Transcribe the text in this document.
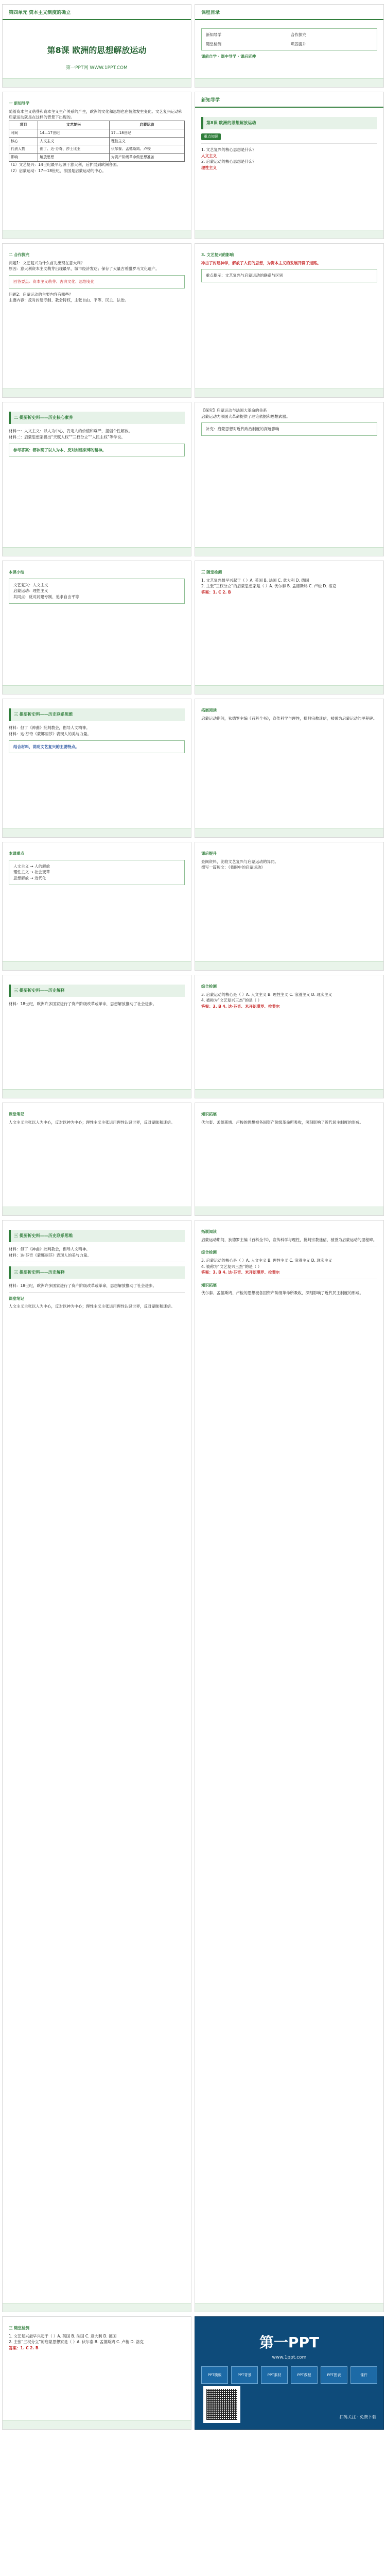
第四单元 资本主义制度的确立
第8课 欧洲的思想解放运动
第一PPT网 WWW.1PPT.COM
课程目录
新知导学	合作探究
随堂检测	巩固提升
课前自学 · 课中导学 · 课后延伸
一 新知导学
随着资本主义萌芽和资本主义生产关系的产生，欧洲的文化和思想也在悄然发生变化。文艺复兴运动和启蒙运动就是在这样的背景下出现的。
项目	文艺复兴	启蒙运动
时间	14—17世纪	17—18世纪
核心	人文主义	理性主义
代表人物	但丁、达·芬奇、莎士比亚	伏尔泰、孟德斯鸠、卢梭
影响	解放思想	为资产阶级革命做思想准备
（1）文艺复兴：14世纪最早起源于意大利，后扩展到欧洲各国。
（2）启蒙运动：17—18世纪，法国是启蒙运动的中心。
新知导学
第8课 欧洲的思想解放运动
重点知识
1. 文艺复兴的核心思想是什么？
人文主义
2. 启蒙运动的核心思想是什么？
理性主义
二 合作探究
问题1：文艺复兴为什么首先出现在意大利？
原因：意大利资本主义萌芽出现最早，城市经济发达；保存了大量古希腊罗马文化遗产。
回答要点：资本主义萌芽、古典文化、思想变化
问题2：启蒙运动的主要内容有哪些？
主要内容：反对封建专制、教会特权，主张自由、平等、民主、法治。
3. 文艺复兴的影响
冲击了封建神学，解放了人们的思想，为资本主义的发展开辟了道路。
重点提示：文艺复兴与启蒙运动的联系与区别
二 提要折史料——历史核心素养
材料一：人文主义：以人为中心，肯定人的价值和尊严，提倡个性解放。
材料二：启蒙思想家提出“天赋人权”“三权分立”“人民主权”等学说。
参考答案：都体现了以人为本、反对封建束缚的精神。
【探究】启蒙运动与法国大革命的关系
启蒙运动为法国大革命提供了理论依据和思想武器。
补充：启蒙思想对近代政治制度的深远影响
本课小结
文艺复兴：人文主义
启蒙运动：理性主义
共同点：反对封建专制、追求自由平等
三 随堂检测
1. 文艺复兴最早兴起于（ ）A. 英国 B. 法国 C. 意大利 D. 德国
2. 主张“三权分立”的启蒙思想家是（ ）A. 伏尔泰 B. 孟德斯鸠 C. 卢梭 D. 洛克
答案：1. C 2. B
三 提要折史料——历史联系思维
材料：但丁《神曲》批判教会，倡导人文精神。
材料：达·芬奇《蒙娜丽莎》表现人的美与力量。
结合材料，说明文艺复兴的主要特点。
拓展阅读
启蒙运动期间，狄德罗主编《百科全书》，宣传科学与理性，批判宗教迷信，被誉为启蒙运动的里程碑。
本课重点
人文主义 → 人的解放
理性主义 → 社会变革
思想解放 → 近代化
课后提升
查阅资料，比较文艺复兴与启蒙运动的异同。
撰写一篇短文：《我眼中的启蒙运动》
三 提要折史料——历史解释
材料：18世纪，欧洲许多国家进行了资产阶级改革或革命，思想解放推动了社会进步。
综合检测
3. 启蒙运动的核心是（ ）A. 人文主义 B. 理性主义 C. 浪漫主义 D. 现实主义
4. 被称为“文艺复兴三杰”的是（ ）
答案：3. B 4. 达·芬奇、米开朗琪罗、拉斐尔
课堂笔记
人文主义主张以人为中心，反对以神为中心；理性主义主张运用理性认识世界，反对蒙昧和迷信。
知识拓展
伏尔泰、孟德斯鸠、卢梭的思想被各国资产阶级革命所吸收，深刻影响了近代民主制度的形成。
三 提要折史料——历史联系思维
材料：但丁《神曲》批判教会，倡导人文精神。
材料：达·芬奇《蒙娜丽莎》表现人的美与力量。
三 提要折史料——历史解释
材料：18世纪，欧洲许多国家进行了资产阶级改革或革命，思想解放推动了社会进步。
课堂笔记
人文主义主张以人为中心，反对以神为中心；理性主义主张运用理性认识世界，反对蒙昧和迷信。
拓展阅读
启蒙运动期间，狄德罗主编《百科全书》，宣传科学与理性，批判宗教迷信，被誉为启蒙运动的里程碑。
综合检测
3. 启蒙运动的核心是（ ）A. 人文主义 B. 理性主义 C. 浪漫主义 D. 现实主义
4. 被称为“文艺复兴三杰”的是（ ）
答案：3. B 4. 达·芬奇、米开朗琪罗、拉斐尔
知识拓展
伏尔泰、孟德斯鸠、卢梭的思想被各国资产阶级革命所吸收，深刻影响了近代民主制度的形成。
三 随堂检测
1. 文艺复兴最早兴起于（ ）A. 英国 B. 法国 C. 意大利 D. 德国
2. 主张“三权分立”的启蒙思想家是（ ）A. 伏尔泰 B. 孟德斯鸠 C. 卢梭 D. 洛克
答案：1. C 2. B	第一PPT
www.1ppt.com
PPT模板	PPT背景	PPT素材	PPT教程	PPT图表	课件
扫码关注 · 免费下载
